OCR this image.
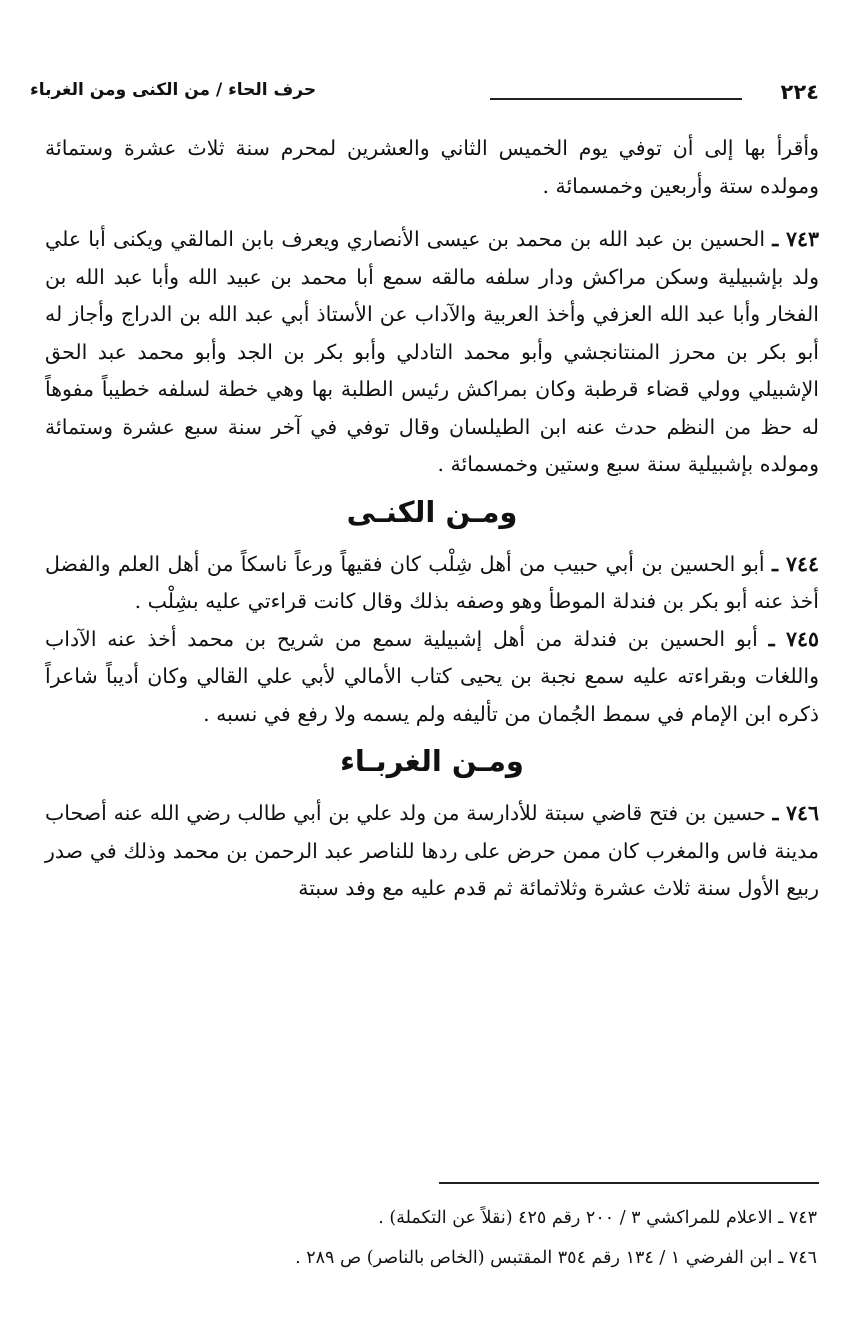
٢٢٤
حرف الحاء / من الكنى ومن الغرباء

وأقرأ بها إلى أن توفي يوم الخميس الثاني والعشرين لمحرم سنة ثلاث عشرة وستمائة ومولده ستة وأربعين وخمسمائة .

٧٤٣ ـ الحسين بن عبد الله بن محمد بن عيسى الأنصاري ويعرف بابن المالقي ويكنى أبا علي ولد بإشبيلية وسكن مراكش ودار سلفه مالقه سمع أبا محمد بن عبيد الله وأبا عبد الله بن الفخار وأبا عبد الله العزفي وأخذ العربية والآداب عن الأستاذ أبي عبد الله بن الدراج وأجاز له أبو بكر بن محرز المنتانجشي وأبو محمد التادلي وأبو بكر بن الجد وأبو محمد عبد الحق الإشبيلي وولي قضاء قرطبة وكان بمراكش رئيس الطلبة بها وهي خطة لسلفه خطيباً مفوهاً له حظ من النظم حدث عنه ابن الطيلسان وقال توفي في آخر سنة سبع عشرة وستمائة ومولده بإشبيلية سنة سبع وستين وخمسمائة .

ومـن الكنـى

٧٤٤ ـ أبو الحسين بن أبي حبيب من أهل شِلْب كان فقيهاً ورعاً ناسكاً من أهل العلم والفضل أخذ عنه أبو بكر بن فندلة الموطأ وهو وصفه بذلك وقال كانت قراءتي عليه بشِلْب .

٧٤٥ ـ أبو الحسين بن فندلة من أهل إشبيلية سمع من شريح بن محمد أخذ عنه الآداب واللغات وبقراءته عليه سمع نجبة بن يحيى كتاب الأمالي لأبي علي القالي وكان أديباً شاعراً ذكره ابن الإمام في سمط الجُمان من تأليفه ولم يسمه ولا رفع في نسبه .

ومـن الغربـاء

٧٤٦ ـ حسين بن فتح قاضي سبتة للأدارسة من ولد علي بن أبي طالب رضي الله عنه أصحاب مدينة فاس والمغرب كان ممن حرض على ردها للناصر عبد الرحمن بن محمد وذلك في صدر ربيع الأول سنة ثلاث عشرة وثلاثمائة ثم قدم عليه مع وفد سبتة

٧٤٣ ـ الاعلام للمراكشي ٣ / ٢٠٠ رقم ٤٢٥ (نقلاً عن التكملة) .

٧٤٦ ـ ابن الفرضي ١ / ١٣٤ رقم ٣٥٤ المقتبس (الخاص بالناصر) ص ٢٨٩ .
